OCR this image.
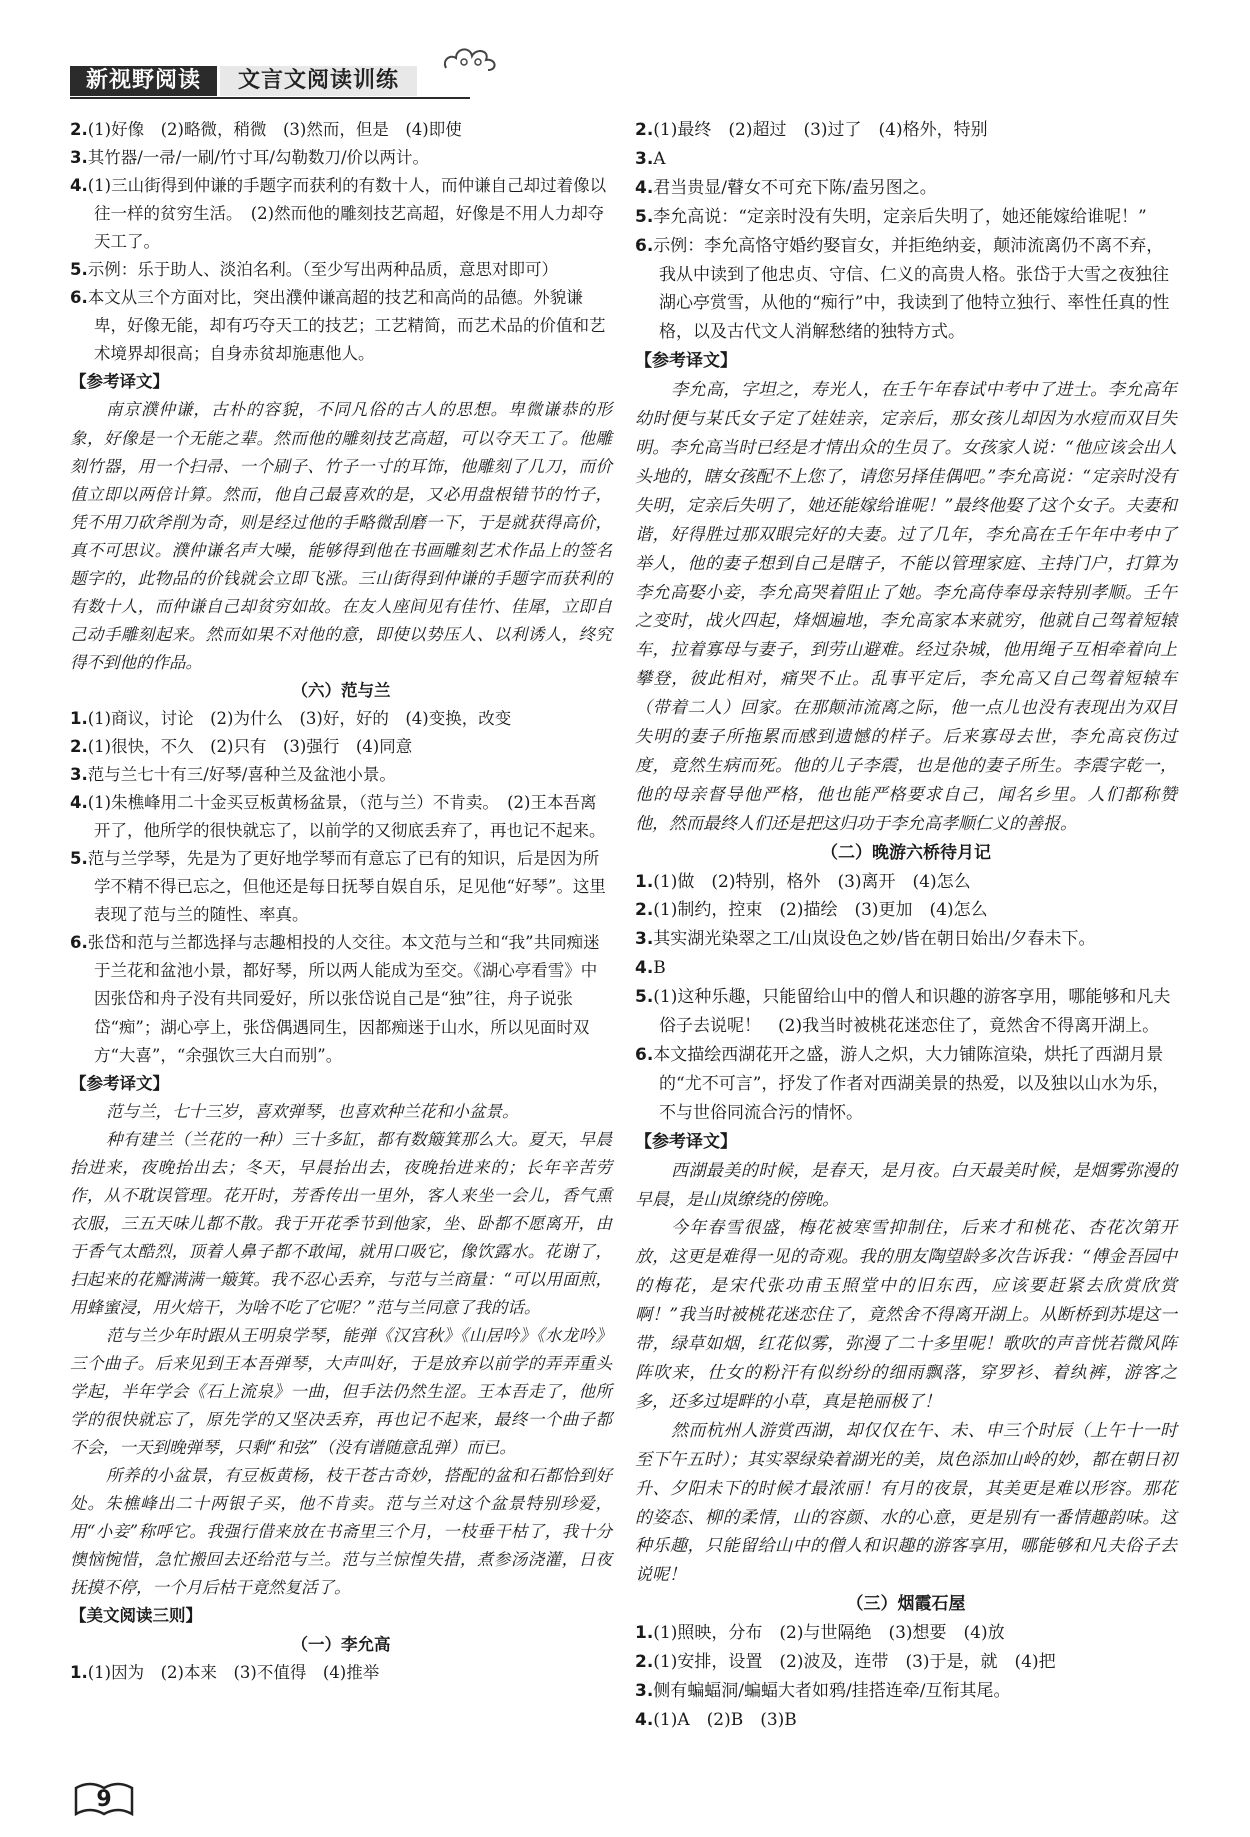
新视野阅读	文言文阅读训练
2.(1)好像　(2)略微，稍微　(3)然而，但是　(4)即使
3.其竹器/一帚/一刷/竹寸耳/勾勒数刀/价以两计。
4.(1)三山街得到仲谦的手题字而获利的有数十人，而仲谦自己却过着像以往一样的贫穷生活。　(2)然而他的雕刻技艺高超，好像是不用人力却夺天工了。
5.示例：乐于助人、淡泊名利。（至少写出两种品质，意思对即可）
6.本文从三个方面对比，突出濮仲谦高超的技艺和高尚的品德。外貌谦卑，好像无能，却有巧夺天工的技艺；工艺精简，而艺术品的价值和艺术境界却很高；自身赤贫却施惠他人。
【参考译文】
南京濮仲谦，古朴的容貌，不同凡俗的古人的思想。卑微谦恭的形象，好像是一个无能之辈。然而他的雕刻技艺高超，可以夺天工了。他雕刻竹器，用一个扫帚、一个刷子、竹子一寸的耳饰，他雕刻了几刀，而价值立即以两倍计算。然而，他自己最喜欢的是，又必用盘根错节的竹子，凭不用刀砍斧削为奇，则是经过他的手略微刮磨一下，于是就获得高价，真不可思议。濮仲谦名声大噪，能够得到他在书画雕刻艺术作品上的签名题字的，此物品的价钱就会立即飞涨。三山街得到仲谦的手题字而获利的有数十人，而仲谦自己却贫穷如故。在友人座间见有佳竹、佳犀，立即自己动手雕刻起来。然而如果不对他的意，即使以势压人、以利诱人，终究得不到他的作品。
（六）范与兰
1.(1)商议，讨论　(2)为什么　(3)好，好的　(4)变换，改变
2.(1)很快，不久　(2)只有　(3)强行　(4)同意
3.范与兰七十有三/好琴/喜种兰及盆池小景。
4.(1)朱樵峰用二十金买豆板黄杨盆景，（范与兰）不肯卖。　(2)王本吾离开了，他所学的很快就忘了，以前学的又彻底丢弃了，再也记不起来。
5.范与兰学琴，先是为了更好地学琴而有意忘了已有的知识，后是因为所学不精不得已忘之，但他还是每日抚琴自娱自乐，足见他“好琴”。这里表现了范与兰的随性、率真。
6.张岱和范与兰都选择与志趣相投的人交往。本文范与兰和“我”共同痴迷于兰花和盆池小景，都好琴，所以两人能成为至交。《湖心亭看雪》中因张岱和舟子没有共同爱好，所以张岱说自己是“独”往，舟子说张岱“痴”；湖心亭上，张岱偶遇同生，因都痴迷于山水，所以见面时双方“大喜”，“余强饮三大白而别”。
【参考译文】
范与兰，七十三岁，喜欢弹琴，也喜欢种兰花和小盆景。
种有建兰（兰花的一种）三十多缸，都有数簸箕那么大。夏天，早晨抬进来，夜晚抬出去；冬天，早晨抬出去，夜晚抬进来的；长年辛苦劳作，从不耽误管理。花开时，芳香传出一里外，客人来坐一会儿，香气熏衣服，三五天味儿都不散。我于开花季节到他家，坐、卧都不愿离开，由于香气太酷烈，顶着人鼻子都不敢闻，就用口吸它，像饮露水。花谢了，扫起来的花瓣满满一簸箕。我不忍心丢弃，与范与兰商量：“可以用面煎，用蜂蜜浸，用火焙干，为啥不吃了它呢？”范与兰同意了我的话。
范与兰少年时跟从王明泉学琴，能弹《汉宫秋》《山居吟》《水龙吟》三个曲子。后来见到王本吾弹琴，大声叫好，于是放弃以前学的弄弄重头学起，半年学会《石上流泉》一曲，但手法仍然生涩。王本吾走了，他所学的很快就忘了，原先学的又坚决丢弃，再也记不起来，最终一个曲子都不会，一天到晚弹琴，只剩“和弦”（没有谱随意乱弹）而已。
所养的小盆景，有豆板黄杨，枝干苍古奇妙，搭配的盆和石都恰到好处。朱樵峰出二十两银子买，他不肯卖。范与兰对这个盆景特别珍爱，用“小妾”称呼它。我强行借来放在书斋里三个月，一枝垂干枯了，我十分懊恼惋惜，急忙搬回去还给范与兰。范与兰惊惶失措，煮参汤浇灌，日夜抚摸不停，一个月后枯干竟然复活了。
【美文阅读三则】
（一）李允高
1.(1)因为　(2)本来　(3)不值得　(4)推举
2.(1)最终　(2)超过　(3)过了　(4)格外，特别
3.A
4.君当贵显/瞽女不可充下陈/盍另图之。
5.李允高说：“定亲时没有失明，定亲后失明了，她还能嫁给谁呢！”
6.示例：李允高恪守婚约娶盲女，并拒绝纳妾，颠沛流离仍不离不弃，我从中读到了他忠贞、守信、仁义的高贵人格。张岱于大雪之夜独往湖心亭赏雪，从他的“痴行”中，我读到了他特立独行、率性任真的性格，以及古代文人消解愁绪的独特方式。
【参考译文】
李允高，字坦之，寿光人，在壬午年春试中考中了进士。李允高年幼时便与某氏女子定了娃娃亲，定亲后，那女孩儿却因为水痘而双目失明。李允高当时已经是才情出众的生员了。女孩家人说：“他应该会出人头地的，瞎女孩配不上您了，请您另择佳偶吧。”李允高说：“定亲时没有失明，定亲后失明了，她还能嫁给谁呢！”最终他娶了这个女子。夫妻和谐，好得胜过那双眼完好的夫妻。过了几年，李允高在壬午年中考中了举人，他的妻子想到自己是瞎子，不能以管理家庭、主持门户，打算为李允高娶小妾，李允高哭着阻止了她。李允高侍奉母亲特别孝顺。壬午之变时，战火四起，烽烟遍地，李允高家本来就穷，他就自己驾着短辕车，拉着寡母与妻子，到劳山避难。经过杂城，他用绳子互相牵着向上攀登，彼此相对，痛哭不止。乱事平定后，李允高又自己驾着短辕车（带着二人）回家。在那颠沛流离之际，他一点儿也没有表现出为双目失明的妻子所拖累而感到遗憾的样子。后来寡母去世，李允高哀伤过度，竟然生病而死。他的儿子李震，也是他的妻子所生。李震字乾一，他的母亲督导他严格，他也能严格要求自己，闻名乡里。人们都称赞他，然而最终人们还是把这归功于李允高孝顺仁义的善报。
（二）晚游六桥待月记
1.(1)做　(2)特别，格外　(3)离开　(4)怎么
2.(1)制约，控束　(2)描绘　(3)更加　(4)怎么
3.其实湖光染翠之工/山岚设色之妙/皆在朝日始出/夕舂未下。
4.B
5.(1)这种乐趣，只能留给山中的僧人和识趣的游客享用，哪能够和凡夫俗子去说呢！　(2)我当时被桃花迷恋住了，竟然舍不得离开湖上。
6.本文描绘西湖花开之盛，游人之炽，大力铺陈渲染，烘托了西湖月景的“尤不可言”，抒发了作者对西湖美景的热爱，以及独以山水为乐，不与世俗同流合污的情怀。
【参考译文】
西湖最美的时候，是春天，是月夜。白天最美时候，是烟雾弥漫的早晨，是山岚缭绕的傍晚。
今年春雪很盛，梅花被寒雪抑制住，后来才和桃花、杏花次第开放，这更是难得一见的奇观。我的朋友陶望龄多次告诉我：“傅金吾园中的梅花，是宋代张功甫玉照堂中的旧东西，应该要赶紧去欣赏欣赏啊！”我当时被桃花迷恋住了，竟然舍不得离开湖上。从断桥到苏堤这一带，绿草如烟，红花似雾，弥漫了二十多里呢！歌吹的声音恍若微风阵阵吹来，仕女的粉汗有似纷纷的细雨飘落，穿罗衫、着纨裤，游客之多，还多过堤畔的小草，真是艳丽极了！
然而杭州人游赏西湖，却仅仅在午、未、申三个时辰（上午十一时至下午五时）；其实翠绿染着湖光的美，岚色添加山岭的妙，都在朝日初升、夕阳未下的时候才最浓丽！有月的夜景，其美更是难以形容。那花的姿态、柳的柔情，山的容颜、水的心意，更是别有一番情趣韵味。这种乐趣，只能留给山中的僧人和识趣的游客享用，哪能够和凡夫俗子去说呢！
（三）烟霞石屋
1.(1)照映，分布　(2)与世隔绝　(3)想要　(4)放
2.(1)安排，设置　(2)波及，连带　(3)于是，就　(4)把
3.侧有蝙蝠洞/蝙蝠大者如鸦/挂搭连牵/互衔其尾。
4.(1)A　(2)B　(3)B
9
